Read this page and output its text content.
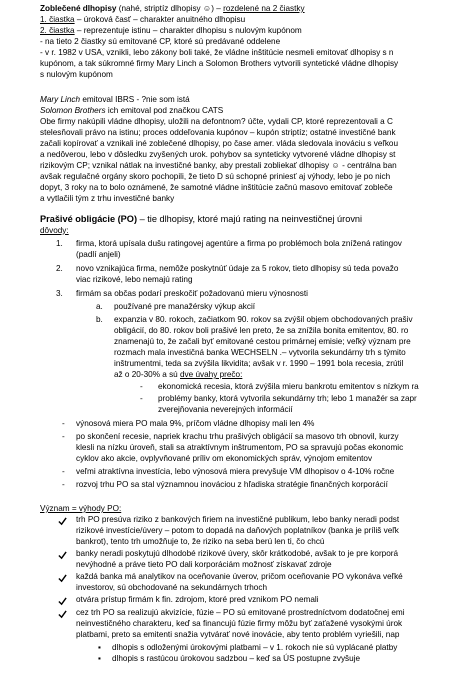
Zoblečené dlhopisy (nahé, striptíz dlhopisy ☺) – rozdelené na 2 čiastky
1. čiastka – úroková časť – charakter anuitného dlhopisu
2. čiastka – reprezentuje istinu – charakter dlhopisu s nulovým kupónom
- na tieto 2 čiastky sú emitované CP, ktoré sú predávané oddelene
- v r. 1982 v USA, vznikli, lebo zákony boli také, že vládne inštitúcie nesmeli emitovať dlhopisy s n
kupónom, a tak súkromné firmy Mary Linch a Solomon Brothers vytvorili syntetické vládne dlhopisy
s nulovým kupónom
Mary Linch emitoval IBRS - ?nie som istá
Solomon Brothers ich emitoval pod značkou CATS
Obe firmy nakúpili vládne dlhopisy, uložili na defontnom? účte, vydali CP, ktoré reprezentovali a C
stelesňovali právo na istinu; proces oddeľovania kupónov – kupón striptíz; ostatné investičné bank
začali kopírovať a vznikali iné zoblečené dlhopisy, po čase amer. vláda sledovala inováciu s veľkou
a nedôverou, lebo v dôsledku zvyšených urok. pohybov sa synteticky vytvorené vládne dlhopisy st
rizikovým CP; vznikal nátlak na investičné banky, aby prestali zobliekať dlhopisy ☺ - centrálna ban
avšak regulačné orgány skoro pochopili, že tieto D sú schopné priniesť aj výhody, lebo je po nich
dopyt, 3 roky na to bolo oznámené, že samotné vládne inštitúcie začnú masovo emitovať zobleče
a vytlačili tým z trhu investičné banky
Prašivé obligácie (PO) – tie dlhopisy, ktoré majú rating na neinvestičnej úrovni
dôvody:
1. firma, ktorá upísala dušu ratingovej agentúre a firma po problémoch bola znížená ratingov
(padlí anjeli)
2. novo vznikajúca firma, nemôže poskytnúť údaje za 5 rokov, tieto dlhopisy sú teda považo
viac rizikové, lebo nemajú rating
3. firmám sa občas podarí preskočiť požadovanú mieru výnosnosti
a. používané pre manažérsky výkup akcií
b. expanzia v 80. rokoch, začiatkom 90. rokov sa zvýšil objem obchodovaných prašiv
obligácií, do 80. rokov boli prašivé len preto, že sa znížila bonita emitentov, 80. ro
znamenajú to, že začali byť emitované cestou primárnej emisie; veľký význam pre
rozmach mala investičná banka WECHSELN .– vytvorila sekundárny trh s týmito
inštrumentmi, teda sa zvýšila likvidita; avšak v r. 1990 – 1991 bola recesia, zrútil
až o 20-30% a sú dve úvahy prečo:
- ekonomická recesia, ktorá zvýšila mieru bankrotu emitentov s nízkym ra
- problémy banky, ktorá vytvorila sekundárny trh; lebo 1 manažér sa zapr
zverejňovania neverejných informácií
- výnosová miera PO mala 9%, príčom vládne dlhopisy mali len 4%
- po skončení recesie, napriek krachu trhu prašivých obligácií sa masovo trh obnovil, kurzy
klesli na nízku úroveň, stali sa atraktívnym inštrumentom, PO sa spravujú počas ekonomic
cyklov ako akcie, ovplyvňované príliv om ekonomických správ, výnojom emitentov
- veľmi atraktívna investícia, lebo výnosová miera prevyšuje VM dlhopisov o 4-10% ročne
- rozvoj trhu PO sa stal významnou inováciou z hľadiska stratégie finančných korporácií
Význam = výhody PO:
trh PO presúva riziko z bankových firiem na investičné publikum, lebo banky neradi podst
rizikové investície/úvery – potom to dopadá na daňových poplatníkov (banka je príliš veľk
bankrot), tento trh umožňuje to, že riziko na seba berú len ti, čo chcú
banky neradi poskytujú dlhodobé rizikové úvery, skôr krátkodobé, avšak to je pre korporá
nevýhodné a práve tieto PO dali korporáciám možnosť získavať zdroje
každá banka má analytikov na oceňovanie úverov, pričom oceňovanie PO vykonáva veľké
investorov, sú obchodované na sekundárnych trhoch
otvára prístup firmám k fin. zdrojom, ktoré pred vznikom PO nemali
cez trh PO sa realizujú akvizície, fúzie – PO sú emitované prostredníctvom dodatočnej emi
neinvestičného charakteru, keď sa financujú fúzie firmy môžu byť zaťažené vysokými úrok
platbami, preto sa emitenti snažia vytvárať nové inovácie, aby tento problém vyriešili, nap
▪ dlhopis s odloženými úrokovými platbami – v 1. rokoch nie sú vyplácané platby
▪ dlhopis s rastúcou úrokovou sadzbou – keď sa ÚS postupne zvyšuje
